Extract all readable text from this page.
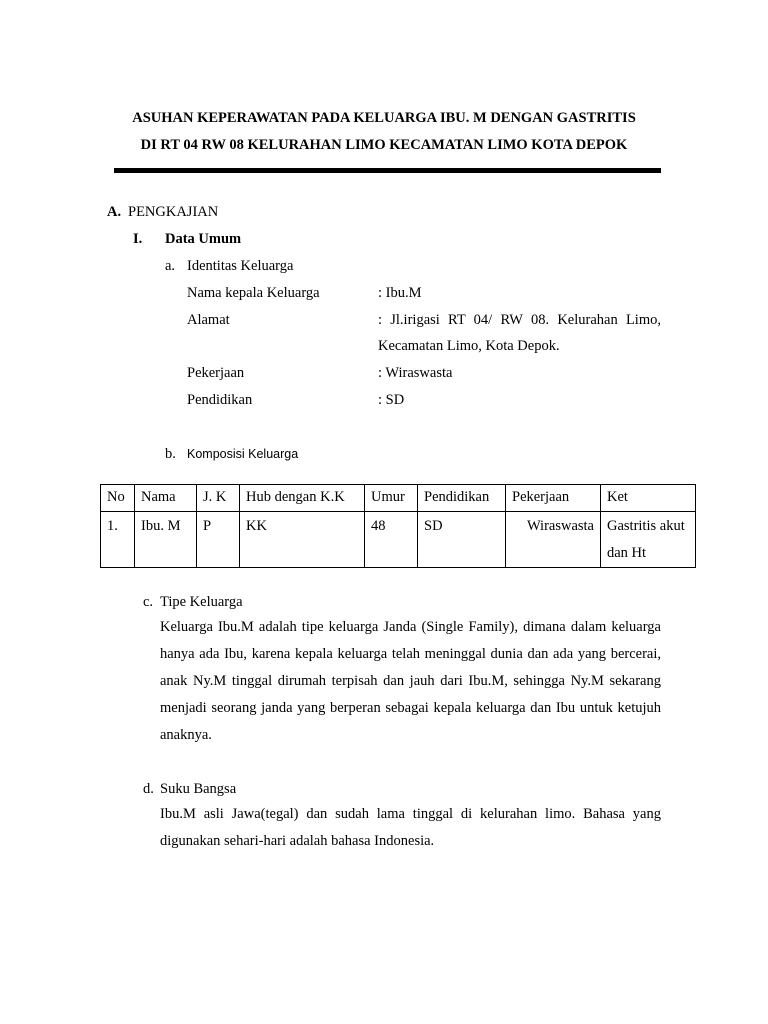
ASUHAN KEPERAWATAN PADA KELUARGA IBU. M DENGAN GASTRITIS
DI RT 04 RW 08 KELURAHAN LIMO KECAMATAN LIMO KOTA DEPOK
A. PENGKAJIAN
I. Data Umum
a. Identitas Keluarga
Nama kepala Keluarga	: Ibu.M
Alamat	: Jl.irigasi RT 04/ RW 08. Kelurahan Limo,
Kecamatan Limo, Kota Depok.
Pekerjaan	: Wiraswasta
Pendidikan	: SD
b. Komposisi Keluarga
No	Nama	J. K	Hub dengan K.K	Umur	Pendidikan	Pekerjaan	Ket
1.	Ibu. M	P	KK	48	SD	Wiraswasta	Gastritis akut dan Ht
c. Tipe Keluarga
Keluarga Ibu.M adalah tipe keluarga Janda (Single Family), dimana dalam keluarga hanya ada Ibu, karena kepala keluarga telah meninggal dunia dan ada yang bercerai, anak Ny.M tinggal dirumah terpisah dan jauh dari Ibu.M, sehingga Ny.M sekarang menjadi seorang janda yang berperan sebagai kepala keluarga dan Ibu untuk ketujuh anaknya.
d. Suku Bangsa
Ibu.M asli Jawa(tegal) dan sudah lama tinggal di kelurahan limo. Bahasa yang digunakan sehari-hari adalah bahasa Indonesia.
